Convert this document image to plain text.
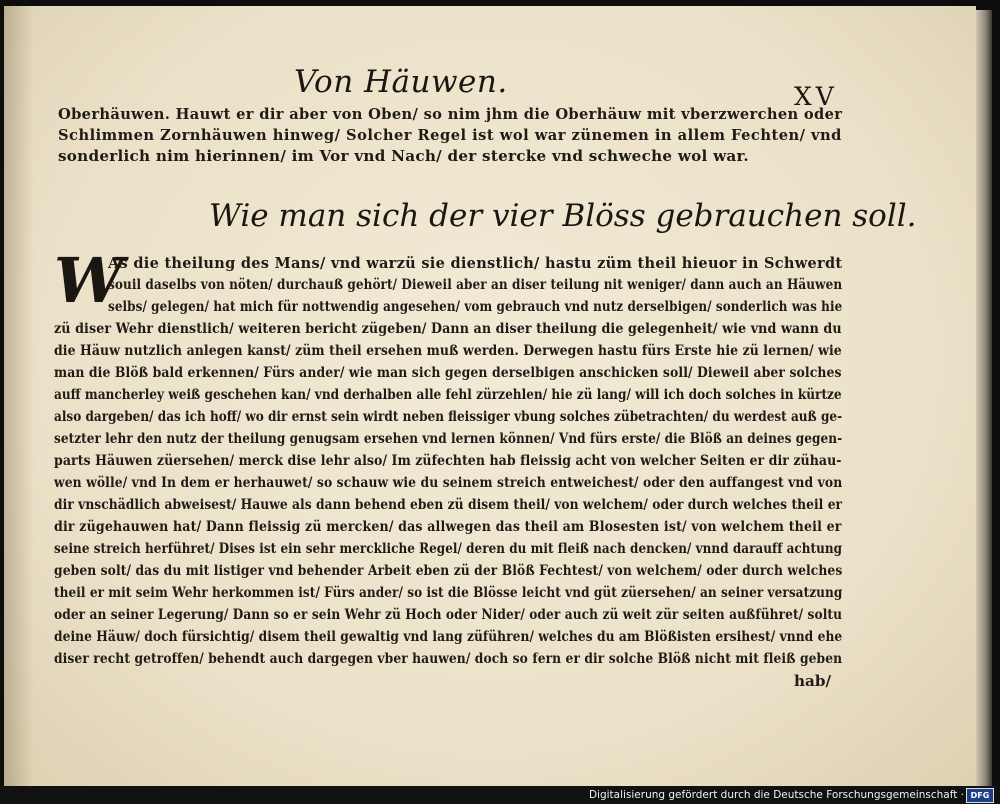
Von Häuwen.	XV
Oberhäuwen. Hauwt er dir aber von Oben/ so nim jhm die Oberhäuw mit vberzwerchen oder
Schlimmen Zornhäuwen hinweg/ Solcher Regel ist wol war zünemen in allem Fechten/ vnd
sonderlich nim hierinnen/ im Vor vnd Nach/ der stercke vnd schweche wol war.
Wie man sich der vier Blöss gebrauchen soll.
W
As die theilung des Mans/ vnd warzü sie dienstlich/ hastu züm theil hieuor in Schwerdt
souil daselbs von nöten/ durchauß gehört/ Dieweil aber an diser teilung nit weniger/ dann auch an Häuwen
selbs/ gelegen/ hat mich für nottwendig angesehen/ vom gebrauch vnd nutz derselbigen/ sonderlich was hie
zü diser Wehr dienstlich/ weiteren bericht zügeben/ Dann an diser theilung die gelegenheit/ wie vnd wann du
die Häuw nutzlich anlegen kanst/ züm theil ersehen muß werden. Derwegen hastu fürs Erste hie zü lernen/ wie
man die Blöß bald erkennen/ Fürs ander/ wie man sich gegen derselbigen anschicken soll/ Dieweil aber solches
auff mancherley weiß geschehen kan/ vnd derhalben alle fehl zürzehlen/ hie zü lang/ will ich doch solches in kürtze
also dargeben/ das ich hoff/ wo dir ernst sein wirdt neben fleissiger vbung solches zübetrachten/ du werdest auß ge-
setzter lehr den nutz der theilung genugsam ersehen vnd lernen können/ Vnd fürs erste/ die Blöß an deines gegen-
parts Häuwen züersehen/ merck dise lehr also/ Im züfechten hab fleissig acht von welcher Seiten er dir zühau-
wen wölle/ vnd In dem er herhauwet/ so schauw wie du seinem streich entweichest/ oder den auffangest vnd von
dir vnschädlich abweisest/ Hauwe als dann behend eben zü disem theil/ von welchem/ oder durch welches theil er
dir zügehauwen hat/ Dann fleissig zü mercken/ das allwegen das theil am Blosesten ist/ von welchem theil er
seine streich herführet/ Dises ist ein sehr merckliche Regel/ deren du mit fleiß nach dencken/ vnnd darauff achtung
geben solt/ das du mit listiger vnd behender Arbeit eben zü der Blöß Fechtest/ von welchem/ oder durch welches
theil er mit seim Wehr herkommen ist/ Fürs ander/ so ist die Blösse leicht vnd güt züersehen/ an seiner versatzung
oder an seiner Legerung/ Dann so er sein Wehr zü Hoch oder Nider/ oder auch zü weit zür seiten außführet/ soltu
deine Häuw/ doch fürsichtig/ disem theil gewaltig vnd lang züführen/ welches du am Blößisten ersihest/ vnnd ehe
diser recht getroffen/ behendt auch dargegen vber hauwen/ doch so fern er dir solche Blöß nicht mit fleiß geben
hab/
Digitalisierung gefördert durch die Deutsche Forschungsgemeinschaft · DFG
